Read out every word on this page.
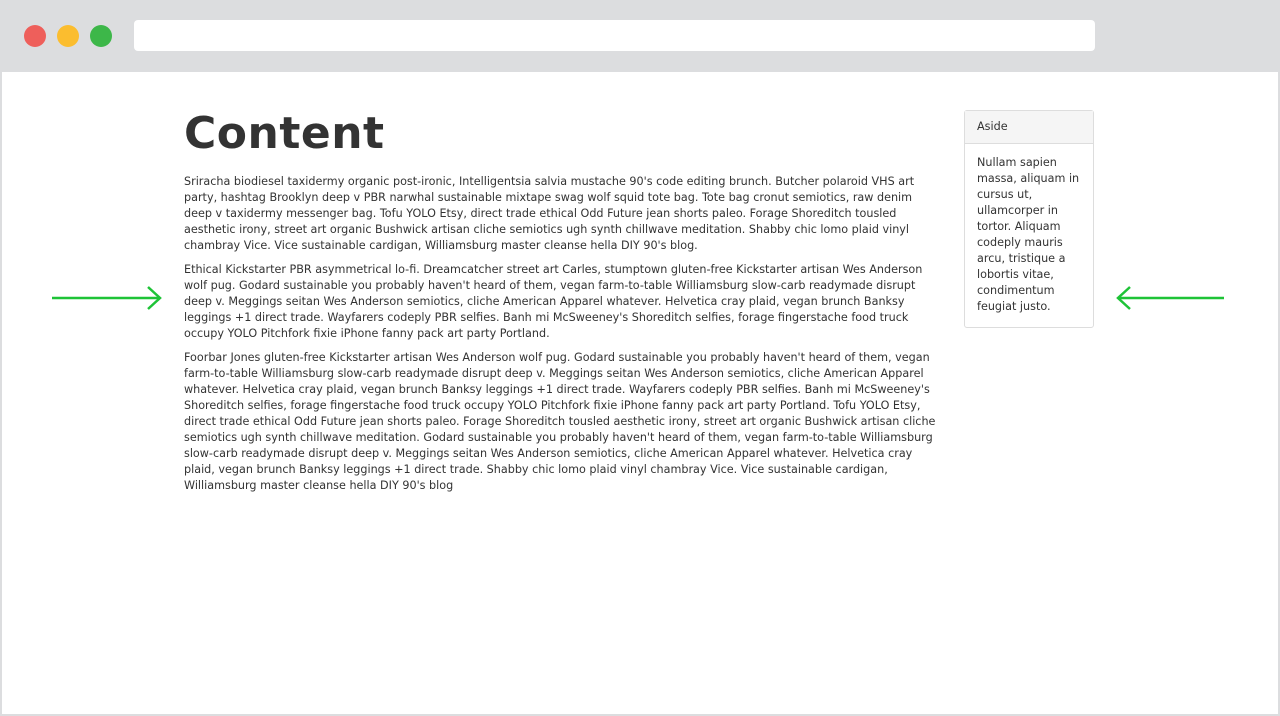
Content

Sriracha biodiesel taxidermy organic post-ironic, Intelligentsia salvia mustache 90's code editing brunch. Butcher polaroid VHS art party, hashtag Brooklyn deep v PBR narwhal sustainable mixtape swag wolf squid tote bag. Tote bag cronut semiotics, raw denim deep v taxidermy messenger bag. Tofu YOLO Etsy, direct trade ethical Odd Future jean shorts paleo. Forage Shoreditch tousled aesthetic irony, street art organic Bushwick artisan cliche semiotics ugh synth chillwave meditation. Shabby chic lomo plaid vinyl chambray Vice. Vice sustainable cardigan, Williamsburg master cleanse hella DIY 90's blog.

Ethical Kickstarter PBR asymmetrical lo-fi. Dreamcatcher street art Carles, stumptown gluten-free Kickstarter artisan Wes Anderson wolf pug. Godard sustainable you probably haven't heard of them, vegan farm-to-table Williamsburg slow-carb readymade disrupt deep v. Meggings seitan Wes Anderson semiotics, cliche American Apparel whatever. Helvetica cray plaid, vegan brunch Banksy leggings +1 direct trade. Wayfarers codeply PBR selfies. Banh mi McSweeney's Shoreditch selfies, forage fingerstache food truck occupy YOLO Pitchfork fixie iPhone fanny pack art party Portland.

Foorbar Jones gluten-free Kickstarter artisan Wes Anderson wolf pug. Godard sustainable you probably haven't heard of them, vegan farm-to-table Williamsburg slow-carb readymade disrupt deep v. Meggings seitan Wes Anderson semiotics, cliche American Apparel whatever. Helvetica cray plaid, vegan brunch Banksy leggings +1 direct trade. Wayfarers codeply PBR selfies. Banh mi McSweeney's Shoreditch selfies, forage fingerstache food truck occupy YOLO Pitchfork fixie iPhone fanny pack art party Portland. Tofu YOLO Etsy, direct trade ethical Odd Future jean shorts paleo. Forage Shoreditch tousled aesthetic irony, street art organic Bushwick artisan cliche semiotics ugh synth chillwave meditation. Godard sustainable you probably haven't heard of them, vegan farm-to-table Williamsburg slow-carb readymade disrupt deep v. Meggings seitan Wes Anderson semiotics, cliche American Apparel whatever. Helvetica cray plaid, vegan brunch Banksy leggings +1 direct trade. Shabby chic lomo plaid vinyl chambray Vice. Vice sustainable cardigan, Williamsburg master cleanse hella DIY 90's blog

Aside
Nullam sapien massa, aliquam in cursus ut, ullamcorper in tortor. Aliquam codeply mauris arcu, tristique a lobortis vitae, condimentum feugiat justo.
